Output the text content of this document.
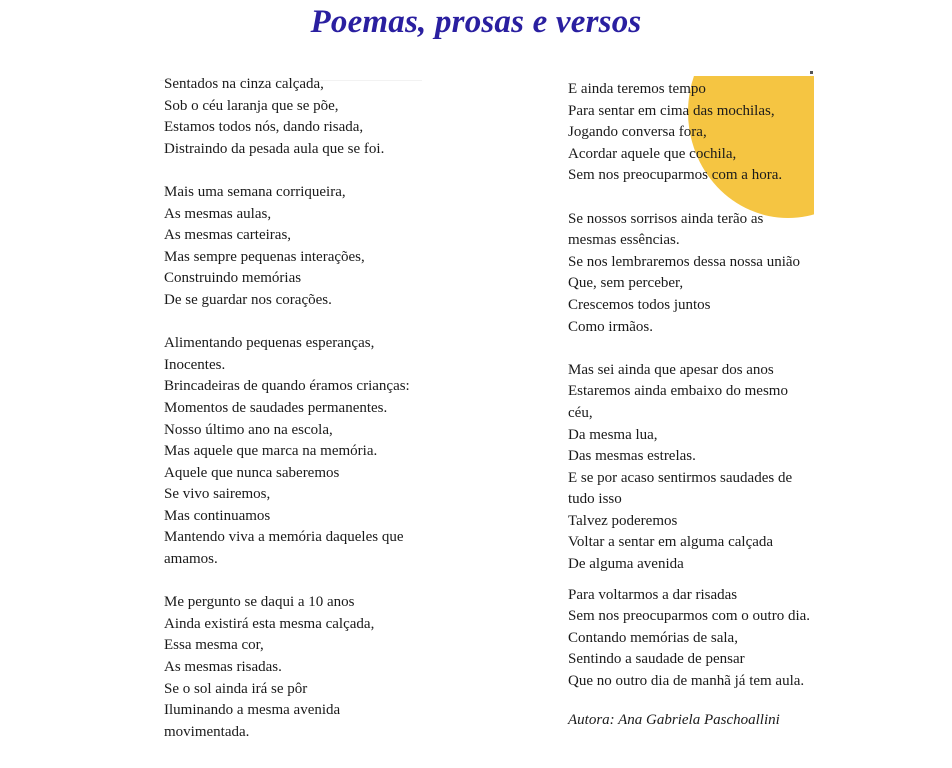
Poemas, prosas e versos
Sentados na cinza calçada,
Sob o céu laranja que se põe,
Estamos todos nós, dando risada,
Distraindo da pesada aula que se foi.
Mais uma semana corriqueira,
As mesmas aulas,
As mesmas carteiras,
Mas sempre pequenas interações,
Construindo memórias
De se guardar nos corações.
Alimentando pequenas esperanças,
Inocentes.
Brincadeiras de quando éramos crianças:
Momentos de saudades permanentes.
Nosso último ano na escola,
Mas aquele que marca na memória.
Aquele que nunca saberemos
Se vivo sairemos,
Mas continuamos
Mantendo viva a memória daqueles que
amamos.
Me pergunto se daqui a 10 anos
Ainda existirá esta mesma calçada,
Essa mesma cor,
As mesmas risadas.
Se o sol ainda irá se pôr
Iluminando a mesma avenida
movimentada.
E ainda teremos tempo
Para sentar em cima das mochilas,
Jogando conversa fora,
Acordar aquele que cochila,
Sem nos preocuparmos com a hora.
Se nossos sorrisos ainda terão as
mesmas essências.
Se nos lembraremos dessa nossa união
Que, sem perceber,
Crescemos todos juntos
Como irmãos.
Mas sei ainda que apesar dos anos
Estaremos ainda embaixo do mesmo
céu,
Da mesma lua,
Das mesmas estrelas.
E se por acaso sentirmos saudades de
tudo isso
Talvez poderemos
Voltar a sentar em alguma calçada
De alguma avenida
Para voltarmos a dar risadas
Sem nos preocuparmos com o outro dia.
Contando memórias de sala,
Sentindo a saudade de pensar
Que no outro dia de manhã já tem aula.
Autora: Ana Gabriela Paschoallini
